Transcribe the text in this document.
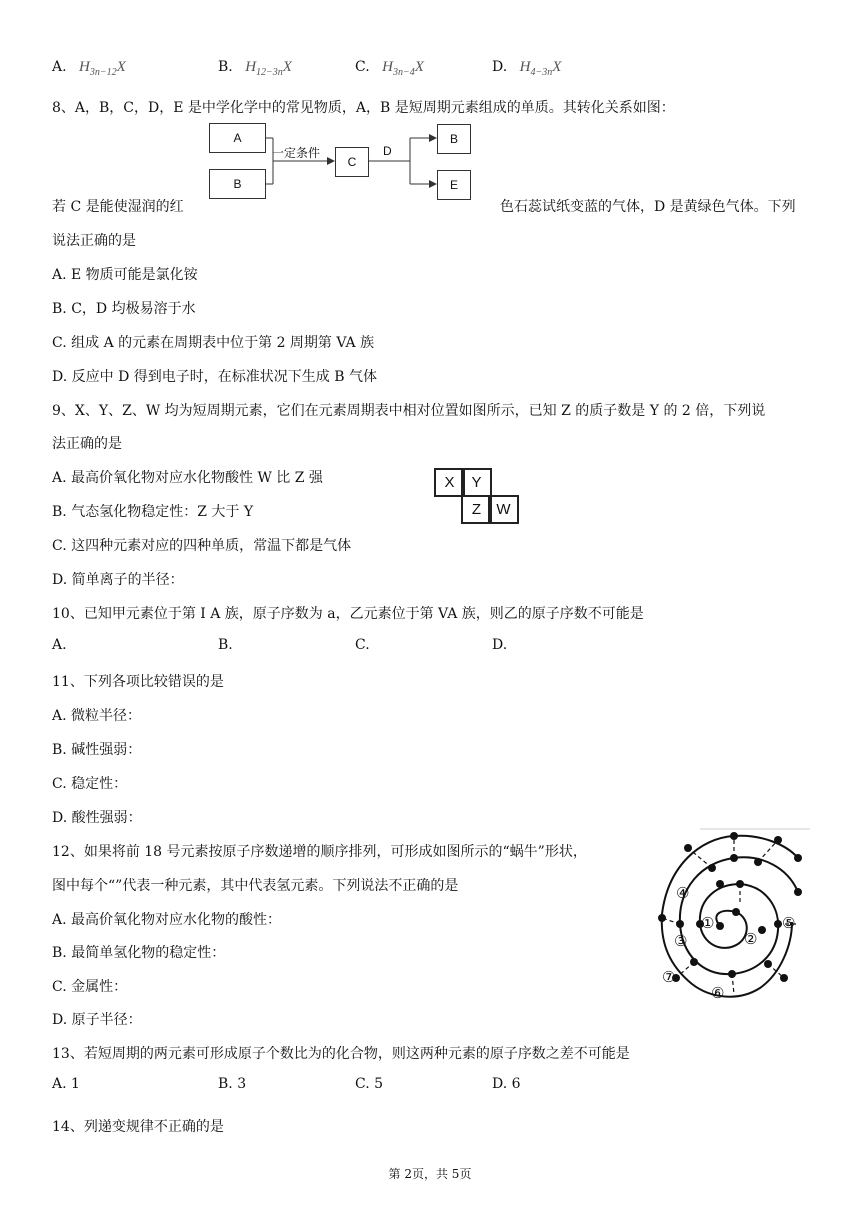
A. $H_{3n-12}X$	B. $H_{12-3n}X$	C. $H_{3n-4}X$	D. $H_{4-3n}X$
8、A，B，C，D，E 是中学化学中的常见物质，A，B 是短周期元素组成的单质。其转化关系如图：
A
B
一定条件
C
D
B
E
若 C 是能使湿润的红	色石蕊试纸变蓝的气体，D 是黄绿色气体。下列
说法正确的是
A. E 物质可能是氯化铵
B. C，D 均极易溶于水
C. 组成 A 的元素在周期表中位于第 2 周期第 VA 族
D. 反应中 D 得到电子时，在标准状况下生成 B 气体
9、X、Y、Z、W 均为短周期元素，它们在元素周期表中相对位置如图所示，已知 Z 的质子数是 Y 的 2 倍，下列说
法正确的是
A. 最高价氧化物对应水化物酸性 W 比 Z 强
B. 气态氢化物稳定性：Z 大于 Y
C. 这四种元素对应的四种单质，常温下都是气体
D. 简单离子的半径：
X	Y
Z	W
10、已知甲元素位于第 I A 族，原子序数为 a，乙元素位于第 VA 族，则乙的原子序数不可能是
A.	B.	C.	D.
11、下列各项比较错误的是
A. 微粒半径：
B. 碱性强弱：
C. 稳定性：
D. 酸性强弱：
12、如果将前 18 号元素按原子序数递增的顺序排列，可形成如图所示的“蜗牛”形状，
图中每个“”代表一种元素，其中代表氢元素。下列说法不正确的是
A. 最高价氧化物对应水化物的酸性：
B. 最简单氢化物的稳定性：
C. 金属性：
D. 原子半径：
①
②
③
④
⑤
⑥
⑦
13、若短周期的两元素可形成原子个数比为的化合物，则这两种元素的原子序数之差不可能是
A. 1	B. 3	C. 5	D. 6
14、列递变规律不正确的是
第 2页，共 5页
